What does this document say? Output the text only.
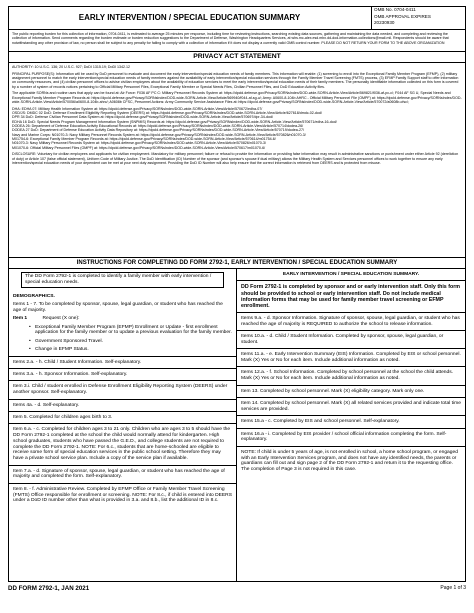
EARLY INTERVENTION / SPECIAL EDUCATION SUMMARY
OMB No. 0704-0411
OMB APPROVAL EXPIRES
20230930
The public reporting burden for this collection of information, 0704-0411, is estimated to average 25 minutes per response, including time for reviewing instructions, searching existing data sources, gathering and maintaining the data needed, and completing and reviewing the collection of information. Send comments regarding the burden estimate or burden reduction suggestions to the Department of Defense, Washington Headquarters Services, at whs.mc-alex.esd.mbx.dd-dod-information-collections@mail.mil. Respondents should be aware that notwithstanding any other provision of law, no person shall be subject to any penalty for failing to comply with a collection of information if it does not display a currently valid OMB control number. PLEASE DO NOT RETURN YOUR FORM TO THE ABOVE ORGANIZATION
PRIVACY ACT STATEMENT

AUTHORITY: 10 U.S.C. 136; 20 U.S.C. 927; DoDI 1315.19; DoDI 1342.12

PRINCIPAL PURPOSE(S): Information will be used by DoD personnel to evaluate and document the early intervention/special education needs of family members. This information will enable: (1) screening to enroll into the Exceptional Family Member Program (EFMP), (2) military assignment personnel to match the early intervention/special education needs of family members against the availability of early intervention/special education services through the Family Member Travel Screening (FMTS) process, (3) EFMP Family Support staff to offer information on community resources, and (4) civilian personnel offices to advise civilian employees about the availability of education services to meet the early intervention/special education needs of their family members. The personally identifiable information collected on this form is covered by a number of system of records notices pertaining to Official Military Personnel Files, Exceptional Family Member or Special Needs Files, Civilian Personnel Files, and DoD Education Activity files.

The applicable SORNs and routine uses that apply can be found at: Air Force: F036 AF PC C: Military Personnel Records System at: https://dpcld.defense.gov/Privacy/SORNsIndex/DOD-wide-SORN-Article-View/Article/569821/f036-af-pc-c/; F044 AF SG U, Special Needs and Exceptional Family Member Program Records at: https://dpcld.defense.gov/Privacy/SORNsIndex/DOD-wide-SORN-Article-View/Article/569940/f044-af-sg-u/; Army: A0600-8-104b AHRC - Official Military Personnel File (OMPF) at: https://dpcld.defense.gov/Privacy/SORNsIndex/DOD-wide-SORN-Article-View/Article/570056/a0600-8-104b-ahrc/; A0608b CFSC, Personnel Actions: Army Community Service Assistance Files at: https://dpcld.defense.gov/Privacy/SORNsIndex/DOD-wide-SORN-Article-View/Article/570072/a0608b-cfsc/;

DHA: EDHA 07: Military Health Information System at: https://dpcld.defense.gov/Privacy/SORNsIndex/DOD-wide-SORN-Article-View/Article/570672/edha-07/

OSD/JS: DMDC 02 DoD: Defense Enrollment Eligibility Reporting System (DEERS) at: https://dpcld.defense.gov/Privacy/SORNsIndex/DOD-wide-SORN-Article-View/Article/627618/dmdc-02-dod/

DPR 34 DoD: Defense Civilian Personnel Data System at: https://dpcld.defense.gov/Privacy/SORNsIndex/DOD-wide-SORN-Article-View/Article/570697/dpr-34-dod/

EDHA 16 DoD: Special Needs Program Management Information System (SNPMIS) Records at: https://dpcld.defense.gov/Privacy/SORNsIndex/DOD-wide-SORN-Article-View/Article/570671/edha-16-dod/

DODEA 26: Department of Defense Education Activity Educational Records at: https://dpcld.defense.gov/Privacy/SORNsIndex/DOD-wide-SORN-Article-View/Article/570714/dodea-26/

DODEA 27 DoD: Department of Defense Education Activity Data Repository at: https://dpcld.defense.gov/Privacy/SORNsIndex/DOD-wide-SORN-Article-View/Article/570719/dodea-27/

Navy and Marine Corps: N01070-3: Navy Military Personnel Records System at: https://dpcld.defense.gov/Privacy/SORNsIndex/DOD-wide-SORN-Article-View/Article/570826/n01070-3/

M01754-6: Exceptional Family Member Program Records at: https://dpcld.defense.gov/Privacy/SORNsIndex/DOD-wide-SORN-Article-View/Article/570614/m01754-6/

N01070-3: Navy Military Personnel Records System at: https://dpcld.defense.gov/Privacy/SORNsIndex/DOD-wide-SORN-Article-View/Article/570826/n01070-3/

M01070-6: Official Military Personnel Files (OMPF) at: https://dpcld.defense.gov/Privacy/SORNsIndex/DOD-wide-SORN-Article-View/Article/570617/m01070-6/

DISCLOSURE: Voluntary for civilian employees and applicants for civilian employment. Mandatory for military personnel; failure or refusal to provide the information or providing false information may result in administrative sanctions or punishment under either Article 92 (dereliction of duty) or Article 107 (false official statement), Uniform Code of Military Justice. The DoD Identification (ID) Number of the sponsor (and sponsor's spouse if dual military) allows the Military Health System and Services personnel offices to work together to ensure any early intervention/special education needs of your dependent can be met at your next duty assignment. Providing the DoD ID Number will also help ensure that the correct information is retrieved from DEERS and is protected from misuse.

INSTRUCTIONS FOR COMPLETING DD FORM 2792-1, EARLY INTERVENTION / SPECIAL EDUCATION SUMMARY
The DD Form 2792-1 is completed to identify a family member with early intervention / special education needs.

DEMOGRAPHICS.

Items 1 - 7. To be completed by sponsor, spouse, legal guardian, or student who has reached the age of majority.

Item 1	Request (X one):

• Exceptional Family Member Program (EFMP) Enrollment or Update - first enrollment application for the family member or to update a previous evaluation for the family member.

• Government Sponsored Travel.

• Change in EFMP Status.

Items 2.a. - h. Child / Student Information. Self-explanatory.

Items 3.a. - h. Sponsor Information. Self-explanatory.

Item 3.i. Child / student enrolled in Defense Enrollment Eligibility Reporting System (DEERS) under another sponsor. Self-explanatory.

Items 4a. - d. Self-explanatory.

Item 5. Completed for children ages birth to 3.

Item 6.a. - c. Completed for children ages 3 to 21 only. Children who are ages 3 to 5 should have the DD Form 2792-1 completed at the school the child would normally attend for kindergarten. High school graduates, students who have passed the G.E.D., and college students are not required to complete the DD Form 2792-1. NOTE: For 6.c., students that are home-schooled are eligible to receive some form of special education services in the public school setting. Therefore they may have a private school service plan. Include a copy of the service plan if available.

Item 7.a. - d. Signature of sponsor, spouse, legal guardian, or student who has reached the age of majority and completed the form. Self-explanatory.

Item 8. - f. Administrative Review. Completed by EFMP Office or Family Member Travel Screening (FMTS) Office responsible for enrollment or screening. NOTE: For 8.c., if child is entered into DEERS under a DoD ID number other than what is provided in 3.a. and 8.b., list the additional ID in 8.c.

EARLY INTERVENTION / SPECIAL EDUCATION SUMMARY.

DD Form 2792-1 is completed by sponsor and or early intervention staff. Only this form should be provided to school or early intervention staff. Do not include medical information forms that may be used for family member travel screening or EFMP enrollment.

Items 9.a. - d. Sponsor Information. Signature of sponsor, spouse, legal guardian, or student who has reached the age of majority is REQUIRED to authorize the school to release information.

Items 10.a. - d. Child / Student Information. Completed by sponsor, spouse, legal guardian, or student.

Items 11.a. - e. Early Intervention Summary (EIS) Information. Completed by EIS or school personnel. Mark (X) Yes or No for each item. Include additional information as noted.

Items 12.a. - f. School Information. Completed by school personnel at the school the child attends. Mark (X) Yes or No for each item. Include additional information as noted.

Item 13. Completed by school personnel. Mark (X) eligibility category. Mark only one.

Item 14. Completed by school personnel. Mark (X) all related services provided and indicate total time services are provided.

Items 15.a - c. Completed by EIS and school personnel. Self-explanatory.

Items 16.a - i. Completed by EIS provider / school official information completing the form. Self-explanatory.

NOTE: If child is under 5 years of age, is not enrolled in school, a home school program, or engaged with an Early Intervention Services program, and does not have any identified needs, the parents or guardians can fill out and sign page 2 of the DD Form 2792-1 and return it to the requesting office. The completion of Page 3 is not required in this case.

DD FORM 2792-1, JAN 2021	Page 1 of 3
